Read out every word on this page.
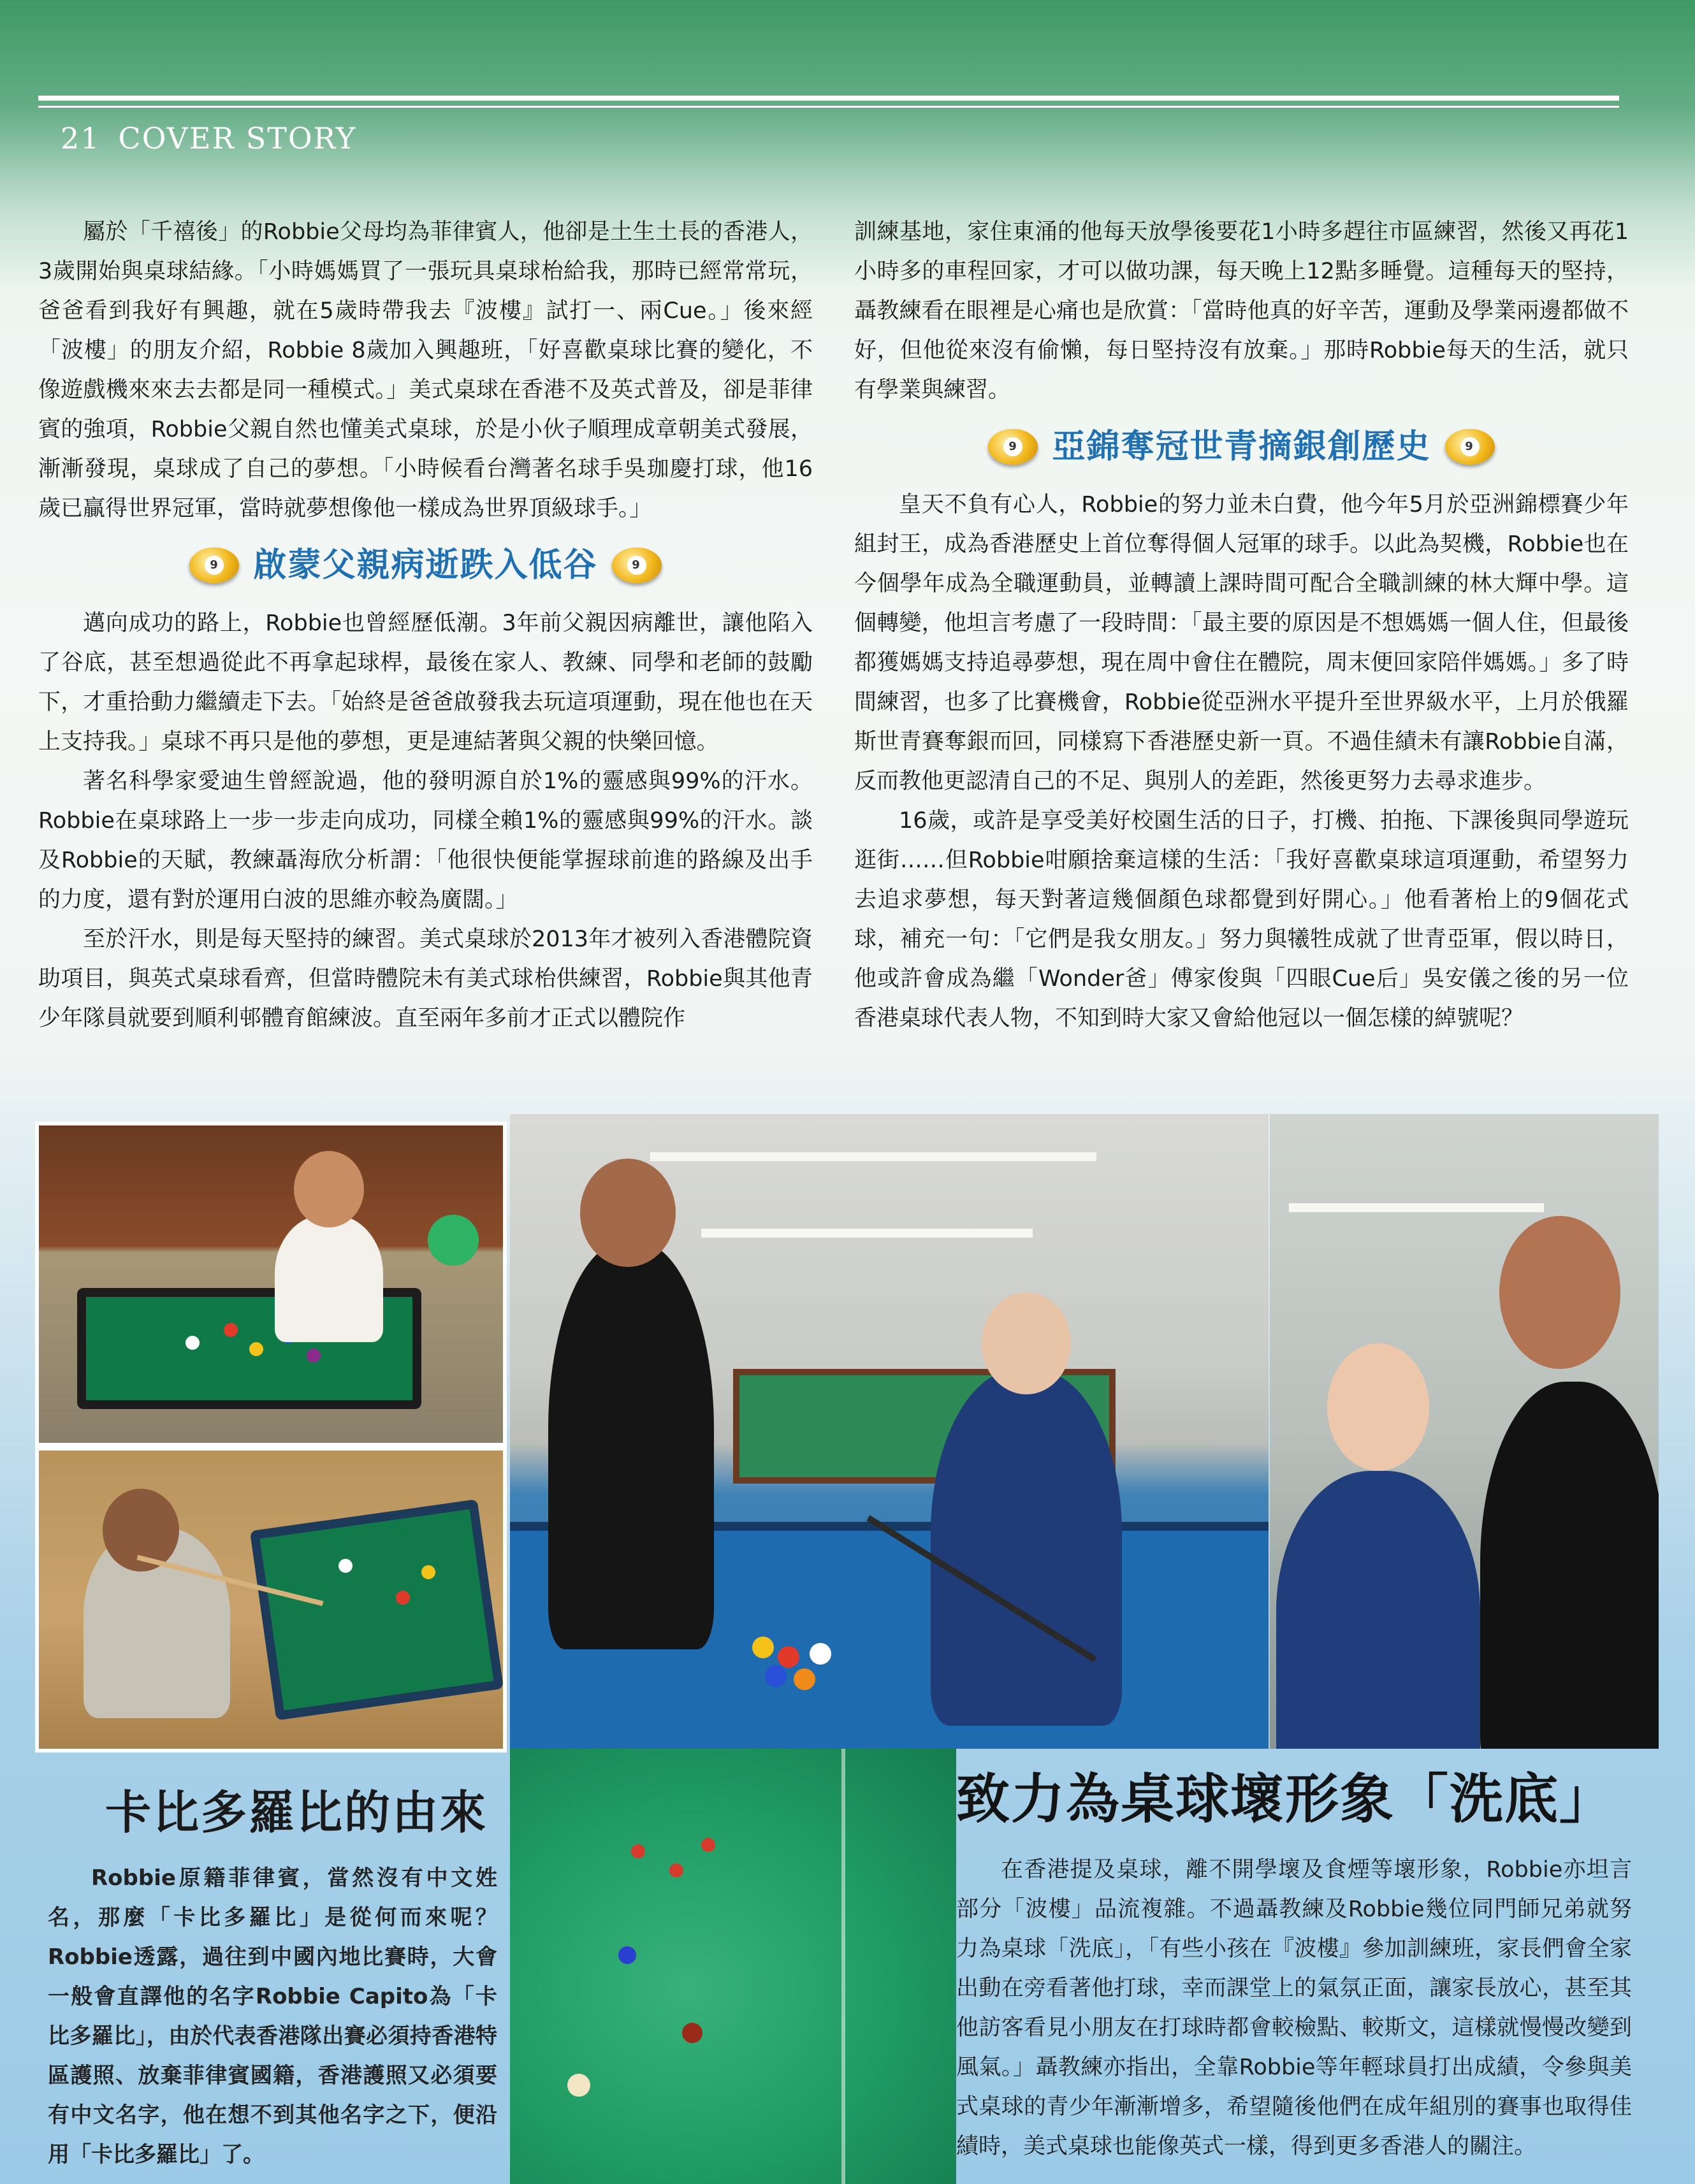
21 COVER STORY

屬於「千禧後」的Robbie父母均為菲律賓人，他卻是土生土長的香港人，3歲開始與桌球結緣。「小時媽媽買了一張玩具桌球枱給我，那時已經常常玩，爸爸看到我好有興趣，就在5歲時帶我去『波樓』試打一、兩Cue。」後來經「波樓」的朋友介紹，Robbie 8歲加入興趣班，「好喜歡桌球比賽的變化，不像遊戲機來來去去都是同一種模式。」美式桌球在香港不及英式普及，卻是菲律賓的強項，Robbie父親自然也懂美式桌球，於是小伙子順理成章朝美式發展，漸漸發現，桌球成了自己的夢想。「小時候看台灣著名球手吳珈慶打球，他16歲已贏得世界冠軍，當時就夢想像他一樣成為世界頂級球手。」

9 啟蒙父親病逝跌入低谷	9

邁向成功的路上，Robbie也曾經歷低潮。3年前父親因病離世，讓他陷入了谷底，甚至想過從此不再拿起球桿，最後在家人、教練、同學和老師的鼓勵下，才重拾動力繼續走下去。「始終是爸爸啟發我去玩這項運動，現在他也在天上支持我。」桌球不再只是他的夢想，更是連結著與父親的快樂回憶。

著名科學家愛迪生曾經說過，他的發明源自於1%的靈感與99%的汗水。Robbie在桌球路上一步一步走向成功，同樣全賴1%的靈感與99%的汗水。談及Robbie的天賦，教練聶海欣分析謂：「他很快便能掌握球前進的路線及出手的力度，還有對於運用白波的思維亦較為廣闊。」

至於汗水，則是每天堅持的練習。美式桌球於2013年才被列入香港體院資助項目，與英式桌球看齊，但當時體院未有美式球枱供練習，Robbie與其他青少年隊員就要到順利邨體育館練波。直至兩年多前才正式以體院作

訓練基地，家住東涌的他每天放學後要花1小時多趕往市區練習，然後又再花1小時多的車程回家，才可以做功課，每天晚上12點多睡覺。這種每天的堅持，聶教練看在眼裡是心痛也是欣賞：「當時他真的好辛苦，運動及學業兩邊都做不好，但他從來沒有偷懶，每日堅持沒有放棄。」那時Robbie每天的生活，就只有學業與練習。

9 亞錦奪冠世青摘銀創歷史	9

皇天不負有心人，Robbie的努力並未白費，他今年5月於亞洲錦標賽少年組封王，成為香港歷史上首位奪得個人冠軍的球手。以此為契機，Robbie也在今個學年成為全職運動員，並轉讀上課時間可配合全職訓練的林大輝中學。這個轉變，他坦言考慮了一段時間：「最主要的原因是不想媽媽一個人住，但最後都獲媽媽支持追尋夢想，現在周中會住在體院，周末便回家陪伴媽媽。」多了時間練習，也多了比賽機會，Robbie從亞洲水平提升至世界級水平，上月於俄羅斯世青賽奪銀而回，同樣寫下香港歷史新一頁。不過佳績未有讓Robbie自滿，反而教他更認清自己的不足、與別人的差距，然後更努力去尋求進步。

16歲，或許是享受美好校園生活的日子，打機、拍拖、下課後與同學遊玩逛街……但Robbie咁願捨棄這樣的生活：「我好喜歡桌球這項運動，希望努力去追求夢想，每天對著這幾個顏色球都覺到好開心。」他看著枱上的9個花式球，補充一句：「它們是我女朋友。」努力與犧牲成就了世青亞軍，假以時日，他或許會成為繼「Wonder爸」傅家俊與「四眼Cue后」吳安儀之後的另一位香港桌球代表人物，不知到時大家又會給他冠以一個怎樣的綽號呢？

卡比多羅比的由來

Robbie原籍菲律賓，當然沒有中文姓名，那麼「卡比多羅比」是從何而來呢？Robbie透露，過往到中國內地比賽時，大會一般會直譯他的名字Robbie Capito為「卡比多羅比」，由於代表香港隊出賽必須持香港特區護照、放棄菲律賓國籍，香港護照又必須要有中文名字，他在想不到其他名字之下，便沿用「卡比多羅比」了。

致力為桌球壞形象「洗底」

在香港提及桌球，離不開學壞及食煙等壞形象，Robbie亦坦言部分「波樓」品流複雜。不過聶教練及Robbie幾位同門師兄弟就努力為桌球「洗底」，「有些小孩在『波樓』參加訓練班，家長們會全家出動在旁看著他打球，幸而課堂上的氣氛正面，讓家長放心，甚至其他訪客看見小朋友在打球時都會較檢點、較斯文，這樣就慢慢改變到風氣。」聶教練亦指出，全靠Robbie等年輕球員打出成績，令參與美式桌球的青少年漸漸增多，希望隨後他們在成年組別的賽事也取得佳績時，美式桌球也能像英式一樣，得到更多香港人的關注。
